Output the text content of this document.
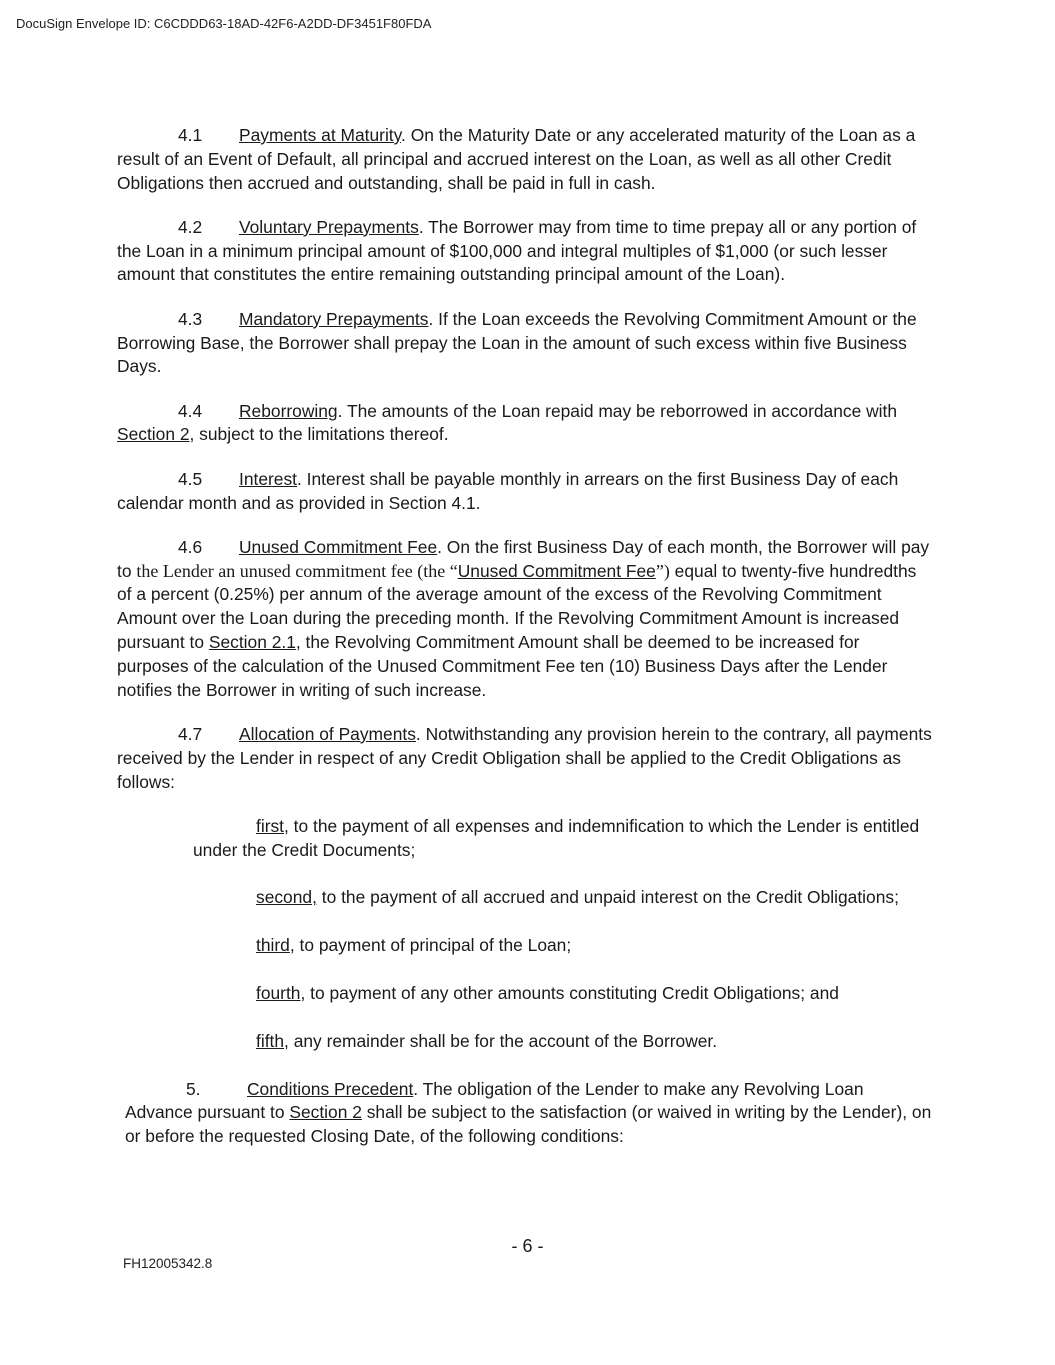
DocuSign Envelope ID: C6CDDD63-18AD-42F6-A2DD-DF3451F80FDA

4.1 Payments at Maturity. On the Maturity Date or any accelerated maturity of the Loan as a result of an Event of Default, all principal and accrued interest on the Loan, as well as all other Credit Obligations then accrued and outstanding, shall be paid in full in cash.

4.2 Voluntary Prepayments. The Borrower may from time to time prepay all or any portion of the Loan in a minimum principal amount of $100,000 and integral multiples of $1,000 (or such lesser amount that constitutes the entire remaining outstanding principal amount of the Loan).

4.3 Mandatory Prepayments. If the Loan exceeds the Revolving Commitment Amount or the Borrowing Base, the Borrower shall prepay the Loan in the amount of such excess within five Business Days.

4.4 Reborrowing. The amounts of the Loan repaid may be reborrowed in accordance with Section 2, subject to the limitations thereof.

4.5 Interest. Interest shall be payable monthly in arrears on the first Business Day of each calendar month and as provided in Section 4.1.

4.6 Unused Commitment Fee. On the first Business Day of each month, the Borrower will pay to the Lender an unused commitment fee (the “Unused Commitment Fee”) equal to twenty-five hundredths of a percent (0.25%) per annum of the average amount of the excess of the Revolving Commitment Amount over the Loan during the preceding month. If the Revolving Commitment Amount is increased pursuant to Section 2.1, the Revolving Commitment Amount shall be deemed to be increased for purposes of the calculation of the Unused Commitment Fee ten (10) Business Days after the Lender notifies the Borrower in writing of such increase.

4.7 Allocation of Payments. Notwithstanding any provision herein to the contrary, all payments received by the Lender in respect of any Credit Obligation shall be applied to the Credit Obligations as follows:

first, to the payment of all expenses and indemnification to which the Lender is entitled under the Credit Documents;

second, to the payment of all accrued and unpaid interest on the Credit Obligations;

third, to payment of principal of the Loan;

fourth, to payment of any other amounts constituting Credit Obligations; and

fifth, any remainder shall be for the account of the Borrower.

5.	Conditions Precedent. The obligation of the Lender to make any Revolving Loan Advance pursuant to Section 2 shall be subject to the satisfaction (or waived in writing by the Lender), on or before the requested Closing Date, of the following conditions:

- 6 -
FH12005342.8
